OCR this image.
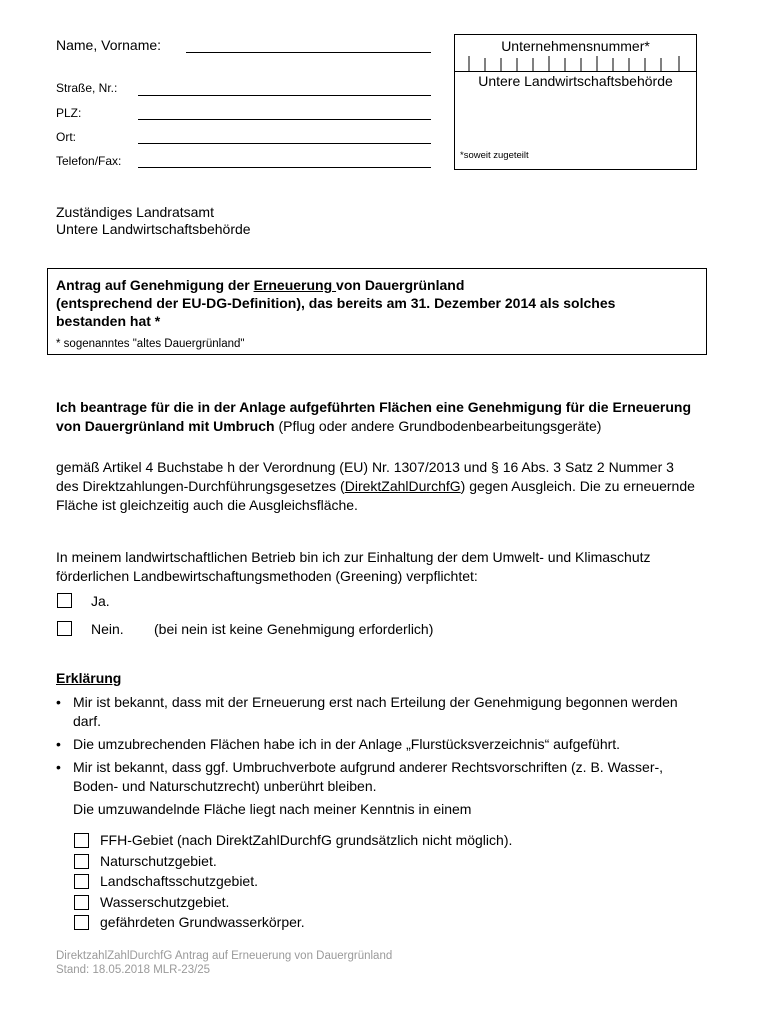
Name, Vorname:
Straße, Nr.:
PLZ:
Ort:
Telefon/Fax:
Unternehmensnummer*
Untere Landwirtschaftsbehörde
*soweit zugeteilt
Zuständiges Landratsamt
Untere Landwirtschaftsbehörde
Antrag auf Genehmigung der Erneuerung von Dauergrünland
(entsprechend der EU-DG-Definition), das bereits am 31. Dezember 2014 als solches
bestanden hat *
* sogenanntes "altes Dauergrünland"
Ich beantrage für die in der Anlage aufgeführten Flächen eine Genehmigung für die Erneuerung von Dauergrünland mit Umbruch (Pflug oder andere Grundbodenbearbeitungsgeräte)
gemäß Artikel 4 Buchstabe h der Verordnung (EU) Nr. 1307/2013 und § 16 Abs. 3 Satz 2 Nummer 3 des Direktzahlungen-Durchführungsgesetzes (DirektZahlDurchfG) gegen Ausgleich. Die zu erneuernde Fläche ist gleichzeitig auch die Ausgleichsfläche.
In meinem landwirtschaftlichen Betrieb bin ich zur Einhaltung der dem Umwelt- und Klimaschutz förderlichen Landbewirtschaftungsmethoden (Greening) verpflichtet:
Ja.
Nein. (bei nein ist keine Genehmigung erforderlich)
Erklärung
• Mir ist bekannt, dass mit der Erneuerung erst nach Erteilung der Genehmigung begonnen werden darf.
• Die umzubrechenden Flächen habe ich in der Anlage „Flurstücksverzeichnis“ aufgeführt.
• Mir ist bekannt, dass ggf. Umbruchverbote aufgrund anderer Rechtsvorschriften (z. B. Wasser-, Boden- und Naturschutzrecht) unberührt bleiben.
Die umzuwandelnde Fläche liegt nach meiner Kenntnis in einem
FFH-Gebiet (nach DirektZahlDurchfG grundsätzlich nicht möglich).
Naturschutzgebiet.
Landschaftsschutzgebiet.
Wasserschutzgebiet.
gefährdeten Grundwasserkörper.
DirektzahlZahlDurchfG Antrag auf Erneuerung von Dauergrünland
Stand: 18.05.2018 MLR-23/25
